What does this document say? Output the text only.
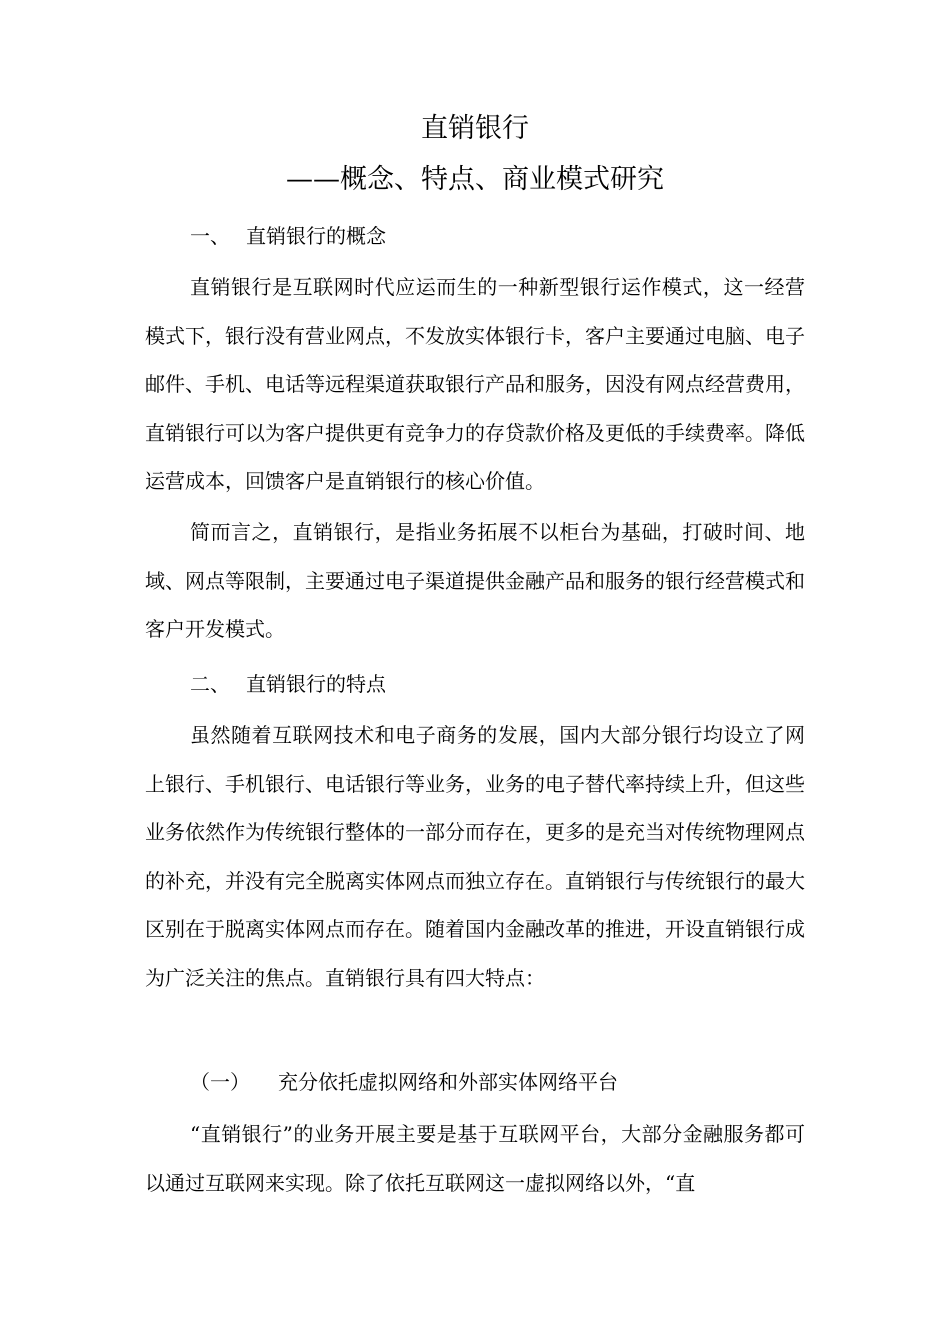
直销银行
——概念、特点、商业模式研究
一、 直销银行的概念

直销银行是互联网时代应运而生的一种新型银行运作模式，这一经营模式下，银行没有营业网点，不发放实体银行卡，客户主要通过电脑、电子邮件、手机、电话等远程渠道获取银行产品和服务，因没有网点经营费用，直销银行可以为客户提供更有竞争力的存贷款价格及更低的手续费率。降低运营成本，回馈客户是直销银行的核心价值。

简而言之，直销银行，是指业务拓展不以柜台为基础，打破时间、地域、网点等限制，主要通过电子渠道提供金融产品和服务的银行经营模式和客户开发模式。

二、 直销银行的特点

虽然随着互联网技术和电子商务的发展，国内大部分银行均设立了网上银行、手机银行、电话银行等业务，业务的电子替代率持续上升，但这些业务依然作为传统银行整体的一部分而存在，更多的是充当对传统物理网点的补充，并没有完全脱离实体网点而独立存在。直销银行与传统银行的最大区别在于脱离实体网点而存在。随着国内金融改革的推进，开设直销银行成为广泛关注的焦点。直销银行具有四大特点：

（一） 充分依托虚拟网络和外部实体网络平台

“直销银行”的业务开展主要是基于互联网平台，大部分金融服务都可以通过互联网来实现。除了依托互联网这一虚拟网络以外，“直
